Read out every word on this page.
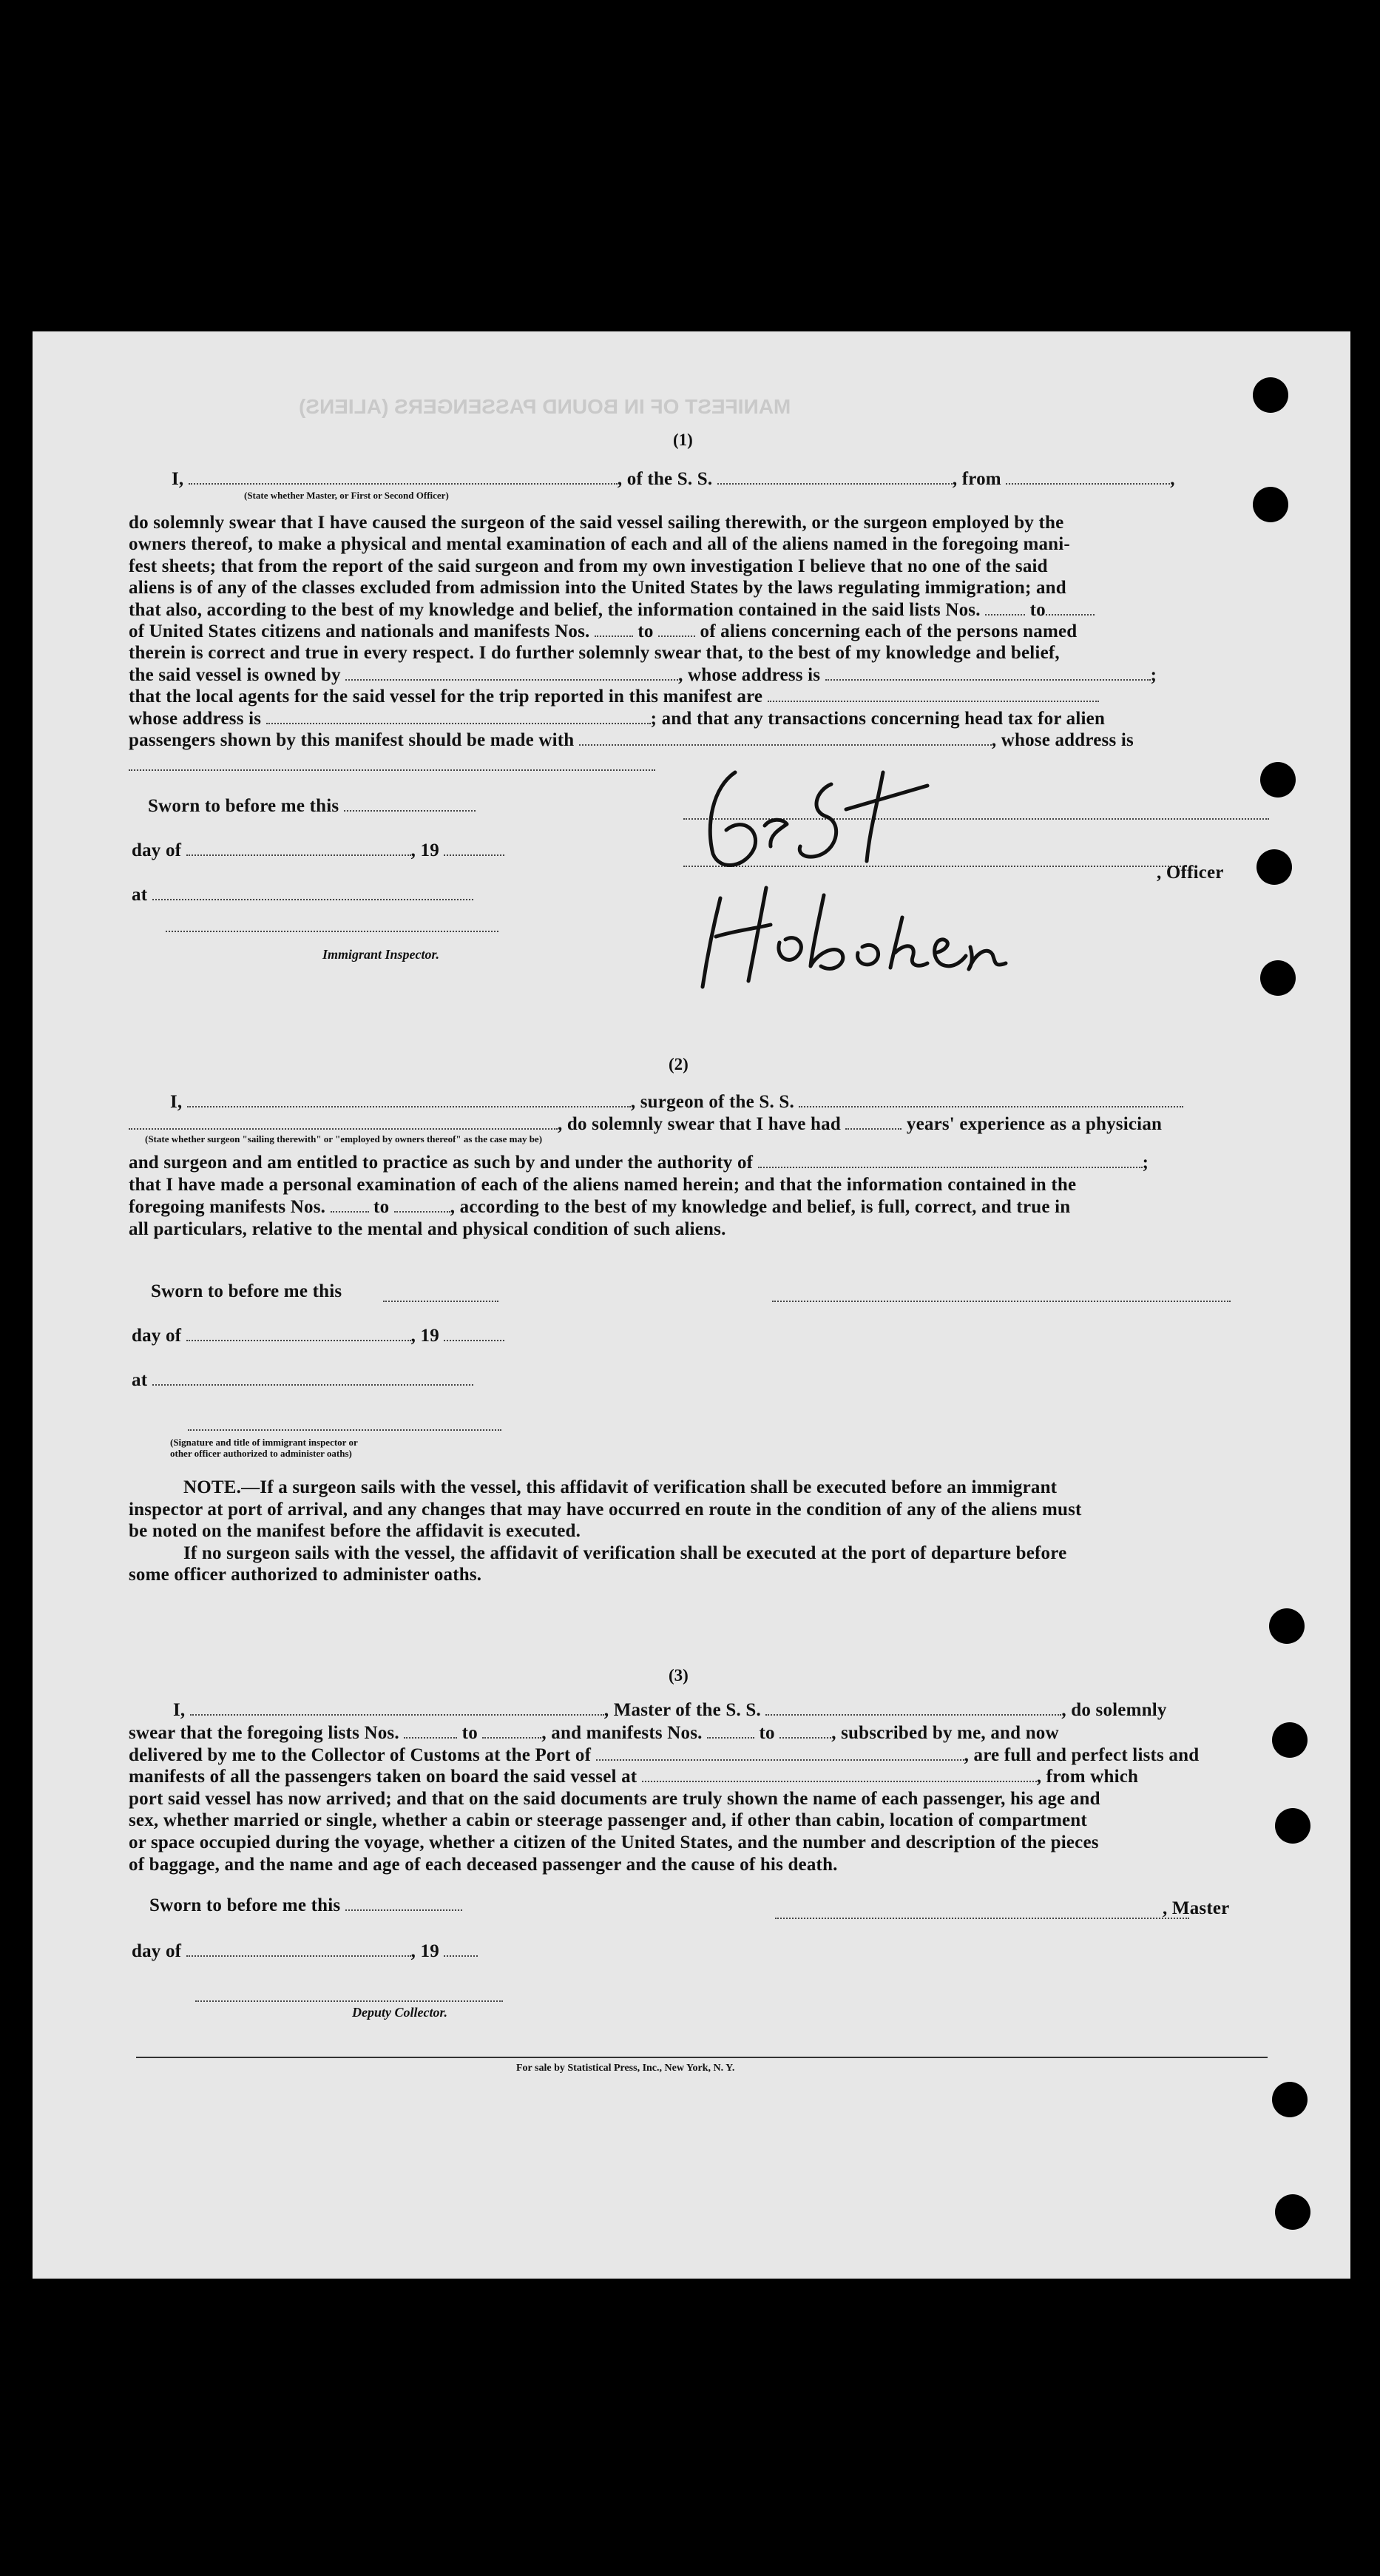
MANIFEST OF IN BOUND PASSENGERS (ALIENS)
(1)
I,	, of the S. S.	, from	,
(State whether Master, or First or Second Officer)
do solemnly swear that I have caused the surgeon of the said vessel sailing therewith, or the surgeon employed by the
owners thereof, to make a physical and mental examination of each and all of the aliens named in the foregoing mani-
fest sheets; that from the report of the said surgeon and from my own investigation I believe that no one of the said
aliens is of any of the classes excluded from admission into the United States by the laws regulating immigration; and
that also, according to the best of my knowledge and belief, the information contained in the said lists Nos.	to
of United States citizens and nationals and manifests Nos.	to	of aliens concerning each of the persons named
therein is correct and true in every respect. I do further solemnly swear that, to the best of my knowledge and belief,
the said vessel is owned by	, whose address is	;
that the local agents for the said vessel for the trip reported in this manifest are
whose address is	; and that any transactions concerning head tax for alien
passengers shown by this manifest should be made with	, whose address is
Sworn to before me this
day of	, 19
, Officer
at
Immigrant Inspector.
(2)
I,	, surgeon of the S. S.
, do solemnly swear that I have had	years' experience as a physician
(State whether surgeon "sailing therewith" or "employed by owners thereof" as the case may be)
and surgeon and am entitled to practice as such by and under the authority of	;
that I have made a personal examination of each of the aliens named herein; and that the information contained in the
foregoing manifests Nos.  to	, according to the best of my knowledge and belief, is full, correct, and true in
all particulars, relative to the mental and physical condition of such aliens.
Sworn to before me this
day of	, 19
at
(Signature and title of immigrant inspector or
other officer authorized to administer oaths)
NOTE.—If a surgeon sails with the vessel, this affidavit of verification shall be executed before an immigrant
inspector at port of arrival, and any changes that may have occurred en route in the condition of any of the aliens must
be noted on the manifest before the affidavit is executed.
If no surgeon sails with the vessel, the affidavit of verification shall be executed at the port of departure before
some officer authorized to administer oaths.
(3)
I,	, Master of the S. S.	, do solemnly
swear that the foregoing lists Nos.	to	, and manifests Nos.	to	, subscribed by me, and now
delivered by me to the Collector of Customs at the Port of	, are full and perfect lists and
manifests of all the passengers taken on board the said vessel at	, from which
port said vessel has now arrived; and that on the said documents are truly shown the name of each passenger, his age and
sex, whether married or single, whether a cabin or steerage passenger and, if other than cabin, location of compartment
or space occupied during the voyage, whether a citizen of the United States, and the number and description of the pieces
of baggage, and the name and age of each deceased passenger and the cause of his death.
Sworn to before me this	, Master
day of	, 19
Deputy Collector.
For sale by Statistical Press, Inc., New York, N. Y.
